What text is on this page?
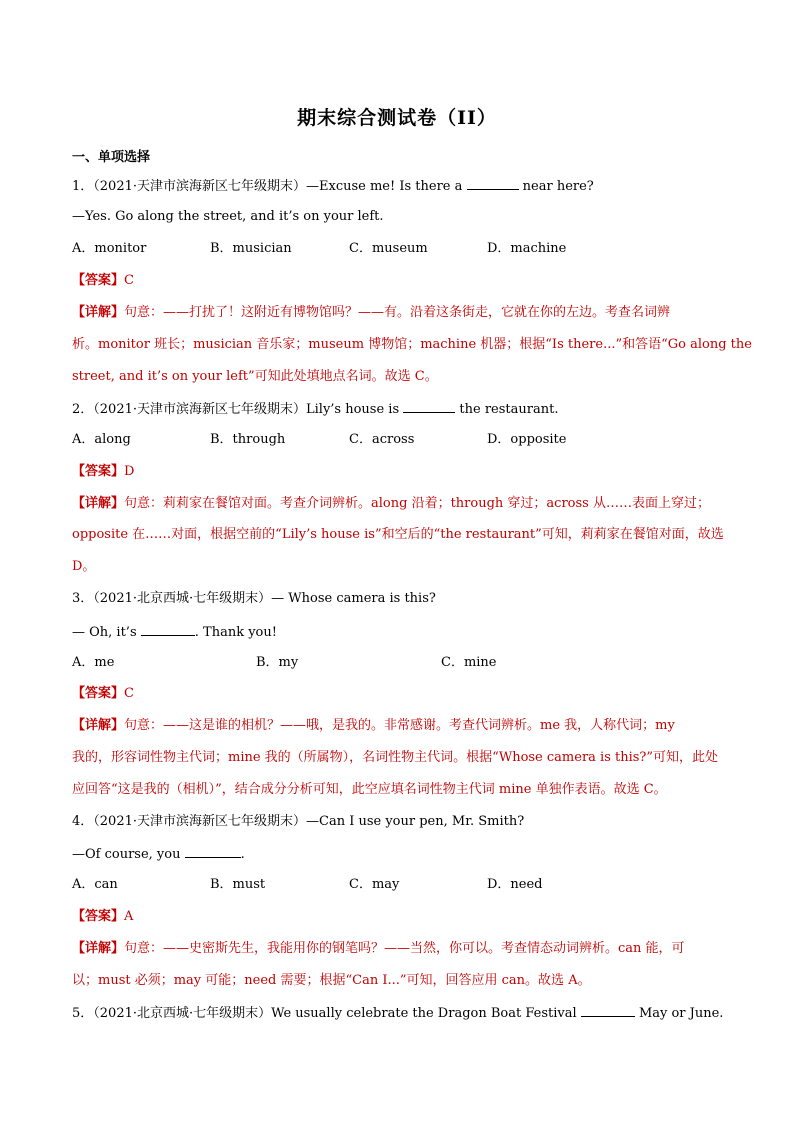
期末综合测试卷（II）
一、单项选择
1．（2021·天津市滨海新区七年级期末）—Excuse me! Is there a	near here?
—Yes. Go along the street, and it’s on your left.
A．monitor	B．musician	C．museum	D．machine
【答案】C
【详解】句意：——打扰了！这附近有博物馆吗？——有。沿着这条街走，它就在你的左边。考查名词辨
析。monitor 班长；musician 音乐家；museum 博物馆；machine 机器；根据“Is there...”和答语“Go along the
street, and it’s on your left”可知此处填地点名词。故选 C。
2．（2021·天津市滨海新区七年级期末）Lily’s house is	the restaurant.
A．along	B．through	C．across	D．opposite
【答案】D
【详解】句意：莉莉家在餐馆对面。考查介词辨析。along 沿着；through 穿过；across 从……表面上穿过；
opposite 在……对面，根据空前的“Lily’s house is”和空后的“the restaurant”可知，莉莉家在餐馆对面，故选
D。
3．（2021·北京西城·七年级期末）— Whose camera is this?
— Oh, it’s	. Thank you!
A．me	B．my	C．mine
【答案】C
【详解】句意：——这是谁的相机？——哦，是我的。非常感谢。考查代词辨析。me 我，人称代词；my
我的，形容词性物主代词；mine 我的（所属物），名词性物主代词。根据“Whose camera is this?”可知，此处
应回答“这是我的（相机）”，结合成分分析可知，此空应填名词性物主代词 mine 单独作表语。故选 C。
4．（2021·天津市滨海新区七年级期末）—Can I use your pen, Mr. Smith?
—Of course, you	.
A．can	B．must	C．may	D．need
【答案】A
【详解】句意：——史密斯先生，我能用你的钢笔吗？——当然，你可以。考查情态动词辨析。can 能，可
以；must 必须；may 可能；need 需要；根据“Can I...”可知，回答应用 can。故选 A。
5．（2021·北京西城·七年级期末）We usually celebrate the Dragon Boat Festival	May or June.
